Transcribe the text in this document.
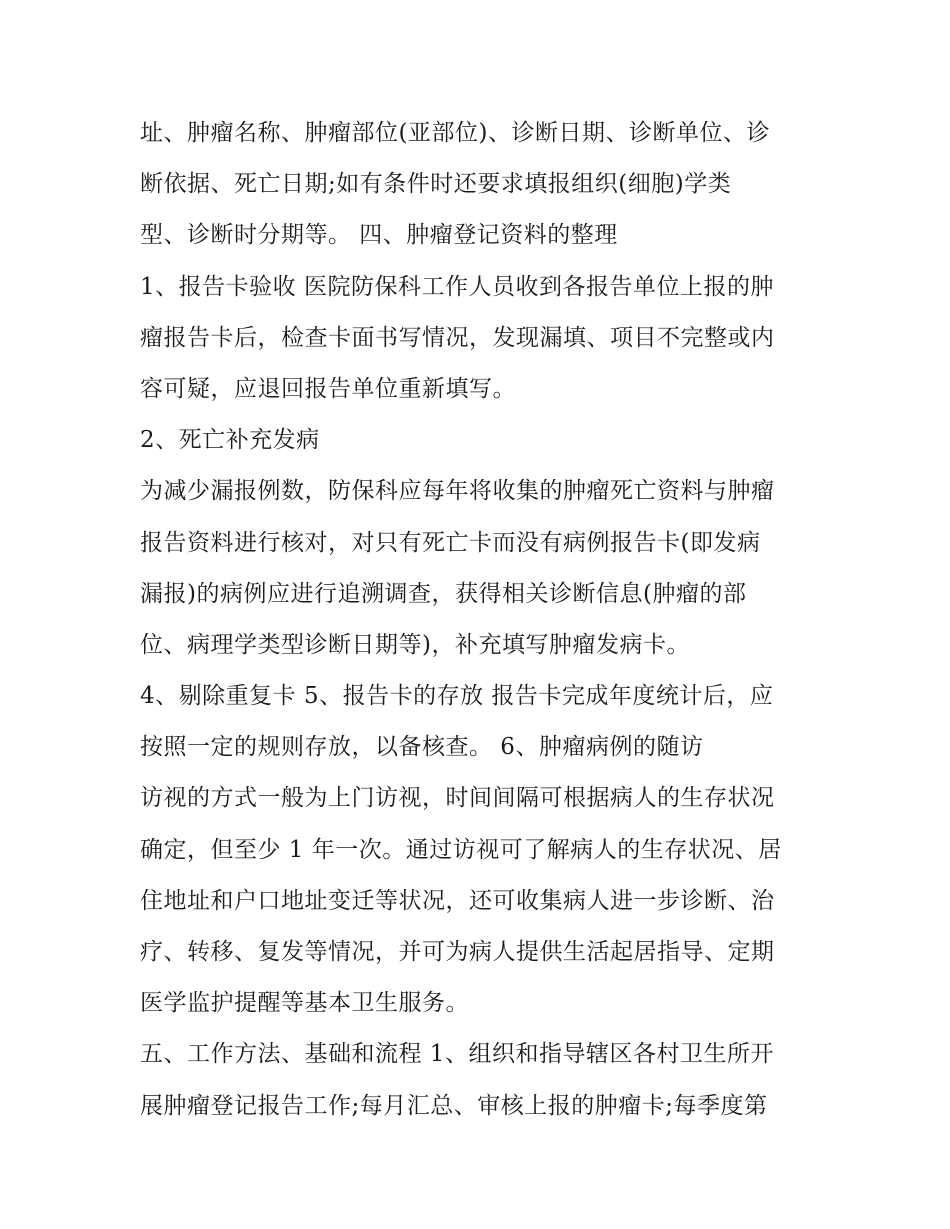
址、肿瘤名称、肿瘤部位(亚部位)、诊断日期、诊断单位、诊
断依据、死亡日期;如有条件时还要求填报组织(细胞)学类
型、诊断时分期等。 四、肿瘤登记资料的整理
1、报告卡验收 医院防保科工作人员收到各报告单位上报的肿
瘤报告卡后，检查卡面书写情况，发现漏填、项目不完整或内
容可疑，应退回报告单位重新填写。
2、死亡补充发病
为减少漏报例数，防保科应每年将收集的肿瘤死亡资料与肿瘤
报告资料进行核对，对只有死亡卡而没有病例报告卡(即发病
漏报)的病例应进行追溯调查，获得相关诊断信息(肿瘤的部
位、病理学类型诊断日期等)，补充填写肿瘤发病卡。
4、剔除重复卡 5、报告卡的存放 报告卡完成年度统计后，应
按照一定的规则存放，以备核查。 6、肿瘤病例的随访
访视的方式一般为上门访视，时间间隔可根据病人的生存状况
确定，但至少 1 年一次。通过访视可了解病人的生存状况、居
住地址和户口地址变迁等状况，还可收集病人进一步诊断、治
疗、转移、复发等情况，并可为病人提供生活起居指导、定期
医学监护提醒等基本卫生服务。
五、工作方法、基础和流程 1、组织和指导辖区各村卫生所开
展肿瘤登记报告工作;每月汇总、审核上报的肿瘤卡;每季度第
